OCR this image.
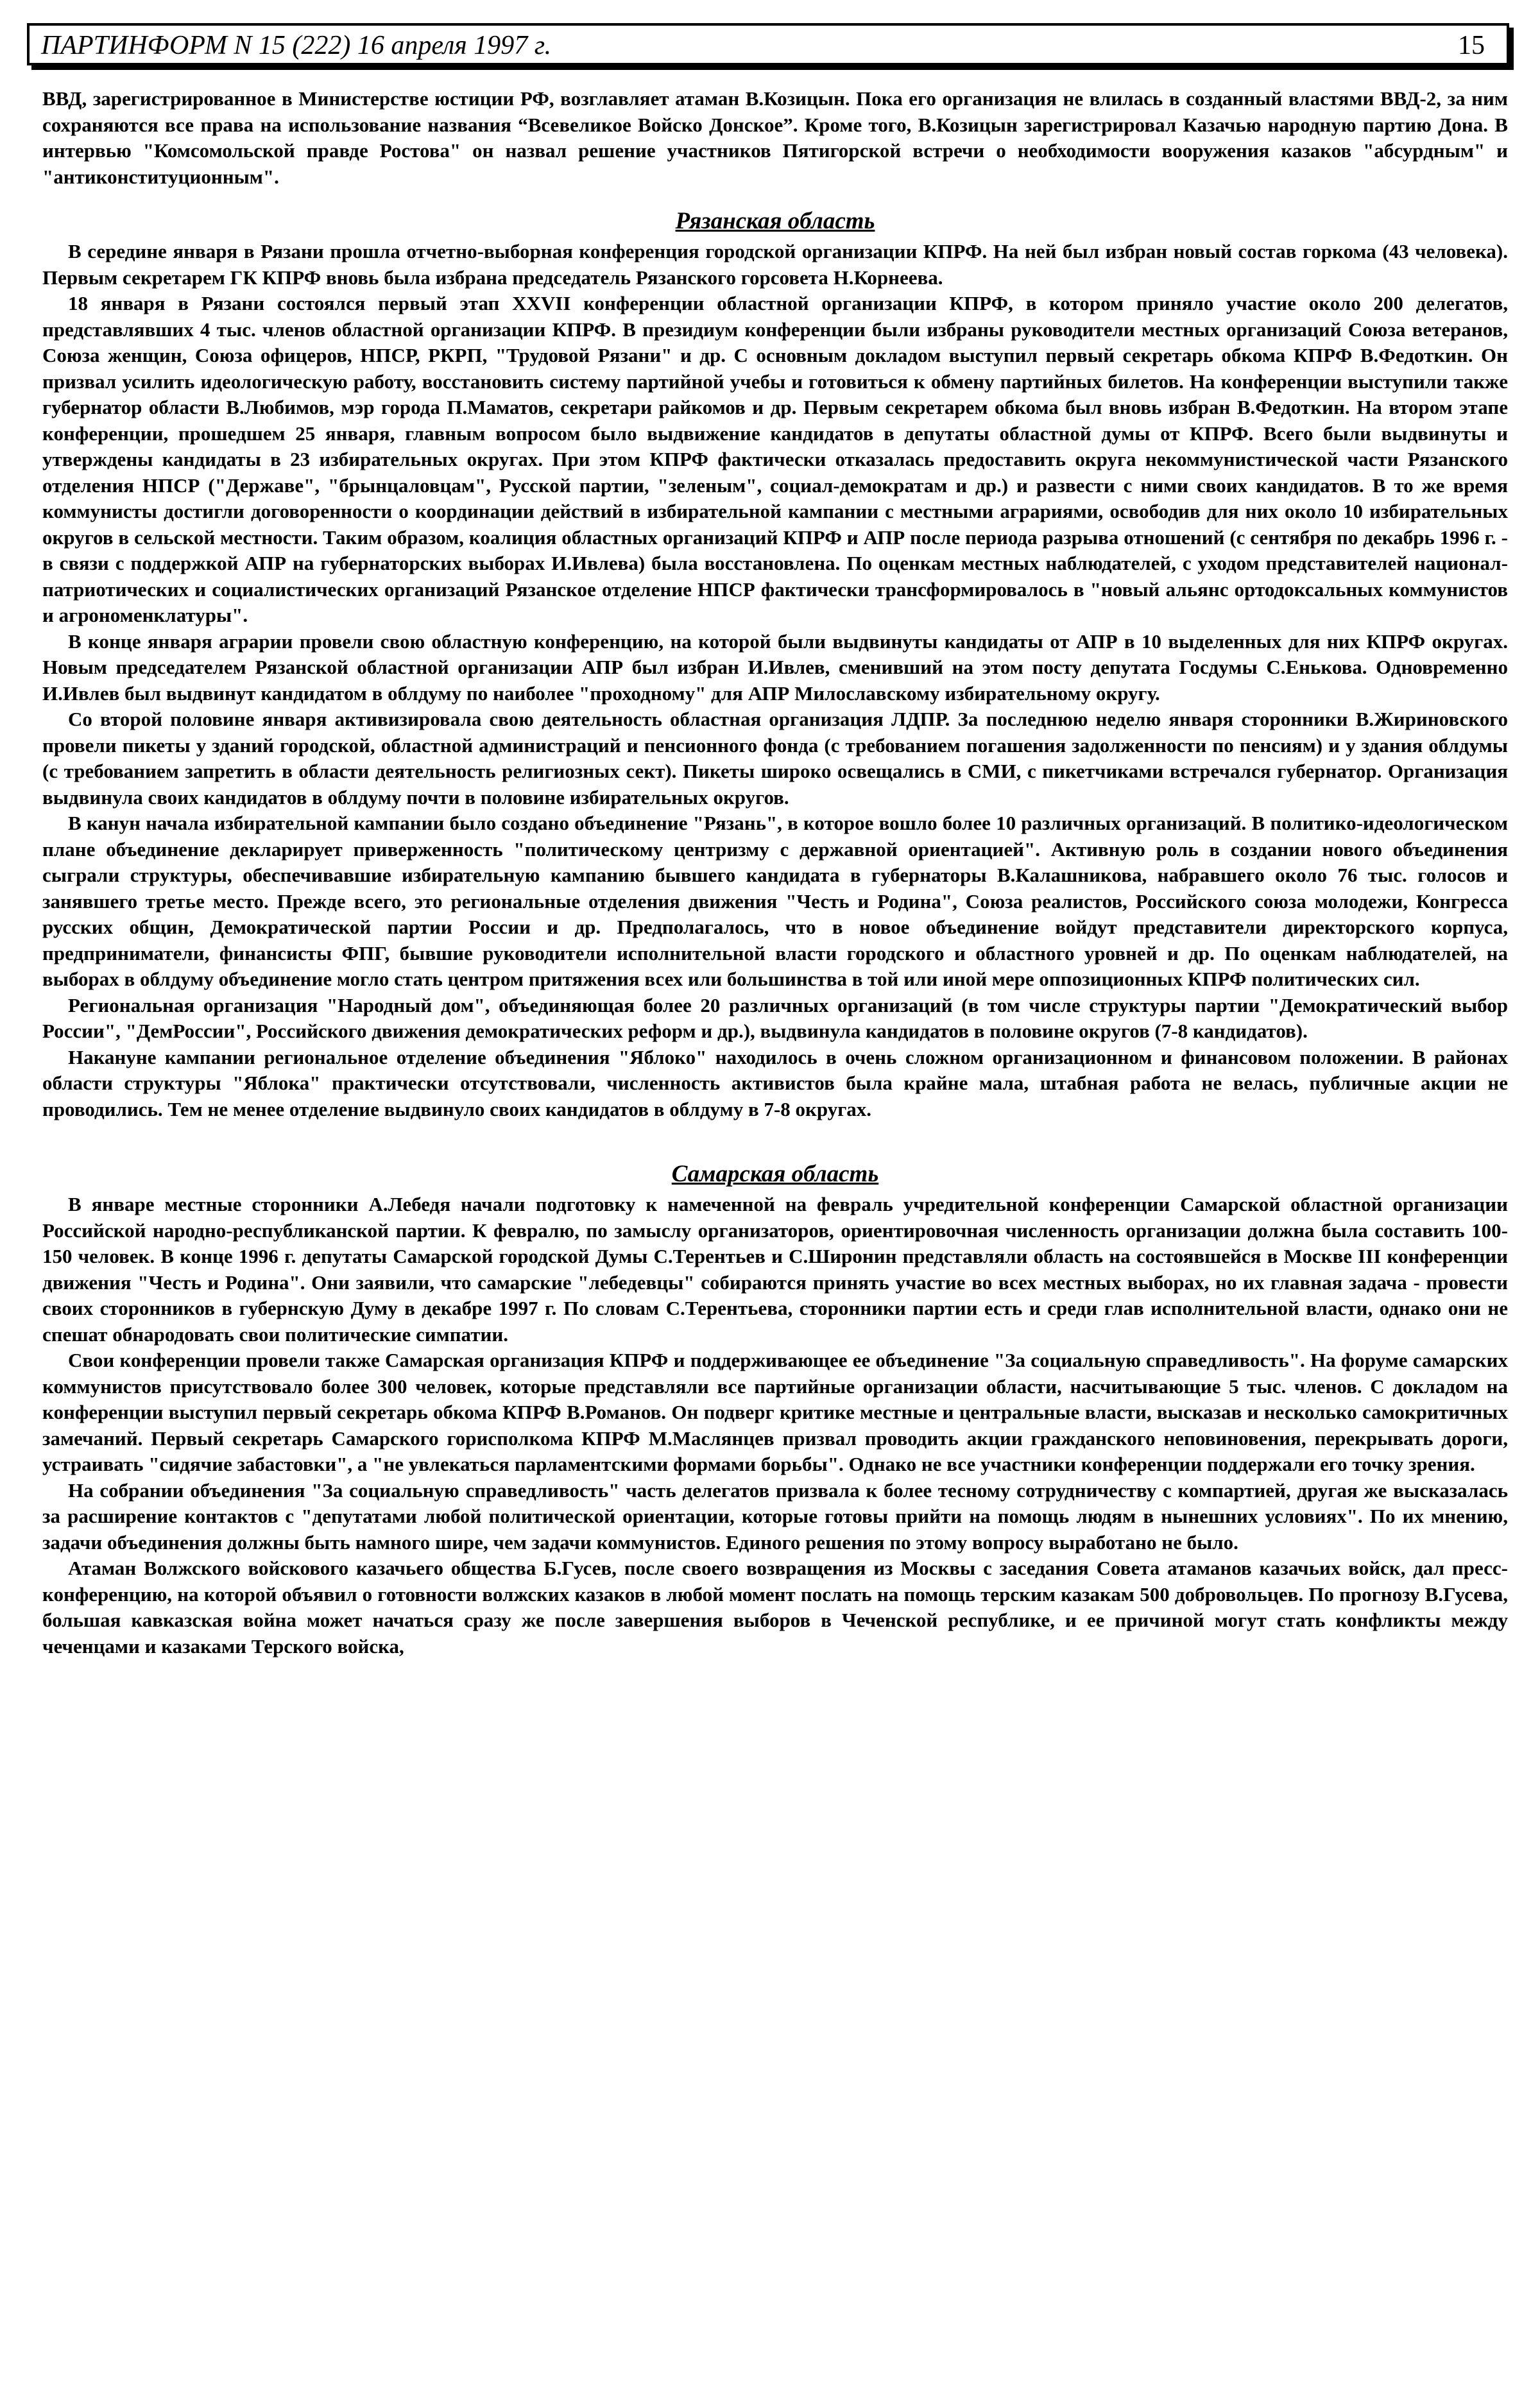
ПАРТИНФОРМ N 15 (222) 16 апреля 1997 г.	15

ВВД, зарегистрированное в Министерстве юстиции РФ, возглавляет атаман В.Козицын. Пока его организация не влилась в созданный властями ВВД-2, за ним сохраняются все права на использование названия “Всевеликое Войско Донское”. Кроме того, В.Козицын зарегистрировал Казачью народную партию Дона. В интервью "Комсомольской правде Ростова" он назвал решение участников Пятигорской встречи о необходимости вооружения казаков "абсурдным" и "антиконституционным".

Рязанская область

В середине января в Рязани прошла отчетно-выборная конференция городской организации КПРФ. На ней был избран новый состав горкома (43 человека). Первым секретарем ГК КПРФ вновь была избрана председатель Рязанского горсовета Н.Корнеева.

18 января в Рязани состоялся первый этап XXVII конференции областной организации КПРФ, в котором приняло участие около 200 делегатов, представлявших 4 тыс. членов областной организации КПРФ. В президиум конференции были избраны руководители местных организаций Союза ветеранов, Союза женщин, Союза офицеров, НПСР, РКРП, "Трудовой Рязани" и др. С основным докладом выступил первый секретарь обкома КПРФ В.Федоткин. Он призвал усилить идеологическую работу, восстановить систему партийной учебы и готовиться к обмену партийных билетов. На конференции выступили также губернатор области В.Любимов, мэр города П.Маматов, секретари райкомов и др. Первым секретарем обкома был вновь избран В.Федоткин. На втором этапе конференции, прошедшем 25 января, главным вопросом было выдвижение кандидатов в депутаты областной думы от КПРФ. Всего были выдвинуты и утверждены кандидаты в 23 избирательных округах. При этом КПРФ фактически отказалась предоставить округа некоммунистической части Рязанского отделения НПСР ("Державе", "брынцаловцам", Русской партии, "зеленым", социал-демократам и др.) и развести с ними своих кандидатов. В то же время коммунисты достигли договоренности о координации действий в избирательной кампании с местными аграриями, освободив для них около 10 избирательных округов в сельской местности. Таким образом, коалиция областных организаций КПРФ и АПР после периода разрыва отношений (с сентября по декабрь 1996 г. - в связи с поддержкой АПР на губернаторских выборах И.Ивлева) была восстановлена. По оценкам местных наблюдателей, с уходом представителей национал-патриотических и социалистических организаций Рязанское отделение НПСР фактически трансформировалось в "новый альянс ортодоксальных коммунистов и агрономенклатуры".

В конце января аграрии провели свою областную конференцию, на которой были выдвинуты кандидаты от АПР в 10 выделенных для них КПРФ округах. Новым председателем Рязанской областной организации АПР был избран И.Ивлев, сменивший на этом посту депутата Госдумы С.Енькова. Одновременно И.Ивлев был выдвинут кандидатом в облдуму по наиболее "проходному" для АПР Милославскому избирательному округу.

Со второй половине января активизировала свою деятельность областная организация ЛДПР. За последнюю неделю января сторонники В.Жириновского провели пикеты у зданий городской, областной администраций и пенсионного фонда (с требованием погашения задолженности по пенсиям) и у здания облдумы (с требованием запретить в области деятельность религиозных сект). Пикеты широко освещались в СМИ, с пикетчиками встречался губернатор. Организация выдвинула своих кандидатов в облдуму почти в половине избирательных округов.

В канун начала избирательной кампании было создано объединение "Рязань", в которое вошло более 10 различных организаций. В политико-идеологическом плане объединение декларирует приверженность "политическому центризму с державной ориентацией". Активную роль в создании нового объединения сыграли структуры, обеспечивавшие избирательную кампанию бывшего кандидата в губернаторы В.Калашникова, набравшего около 76 тыс. голосов и занявшего третье место. Прежде всего, это региональные отделения движения "Честь и Родина", Союза реалистов, Российского союза молодежи, Конгресса русских общин, Демократической партии России и др. Предполагалось, что в новое объединение войдут представители директорского корпуса, предприниматели, финансисты ФПГ, бывшие руководители исполнительной власти городского и областного уровней и др. По оценкам наблюдателей, на выборах в облдуму объединение могло стать центром притяжения всех или большинства в той или иной мере оппозиционных КПРФ политических сил.

Региональная организация "Народный дом", объединяющая более 20 различных организаций (в том числе структуры партии "Демократический выбор России", "ДемРоссии", Российского движения демократических реформ и др.), выдвинула кандидатов в половине округов (7-8 кандидатов).

Накануне кампании региональное отделение объединения "Яблоко" находилось в очень сложном организационном и финансовом положении. В районах области структуры "Яблока" практически отсутствовали, численность активистов была крайне мала, штабная работа не велась, публичные акции не проводились. Тем не менее отделение выдвинуло своих кандидатов в облдуму в 7-8 округах.

Самарская область

В январе местные сторонники А.Лебедя начали подготовку к намеченной на февраль учредительной конференции Самарской областной организации Российской народно-республиканской партии. К февралю, по замыслу организаторов, ориентировочная численность организации должна была составить 100-150 человек. В конце 1996 г. депутаты Самарской городской Думы С.Терентьев и С.Широнин представляли область на состоявшейся в Москве III конференции движения "Честь и Родина". Они заявили, что самарские "лебедевцы" собираются принять участие во всех местных выборах, но их главная задача - провести своих сторонников в губернскую Думу в декабре 1997 г. По словам С.Терентьева, сторонники партии есть и среди глав исполнительной власти, однако они не спешат обнародовать свои политические симпатии.

Свои конференции провели также Самарская организация КПРФ и поддерживающее ее объединение "За социальную справедливость". На форуме самарских коммунистов присутствовало более 300 человек, которые представляли все партийные организации области, насчитывающие 5 тыс. членов. С докладом на конференции выступил первый секретарь обкома КПРФ В.Романов. Он подверг критике местные и центральные власти, высказав и несколько самокритичных замечаний. Первый секретарь Самарского горисполкома КПРФ М.Маслянцев призвал проводить акции гражданского неповиновения, перекрывать дороги, устраивать "сидячие забастовки", а "не увлекаться парламентскими формами борьбы". Однако не все участники конференции поддержали его точку зрения.

На собрании объединения "За социальную справедливость" часть делегатов призвала к более тесному сотрудничеству с компартией, другая же высказалась за расширение контактов с "депутатами любой политической ориентации, которые готовы прийти на помощь людям в нынешних условиях". По их мнению, задачи объединения должны быть намного шире, чем задачи коммунистов. Единого решения по этому вопросу выработано не было.

Атаман Волжского войскового казачьего общества Б.Гусев, после своего возвращения из Москвы с заседания Совета атаманов казачьих войск, дал пресс-конференцию, на которой объявил о готовности волжских казаков в любой момент послать на помощь терским казакам 500 добровольцев. По прогнозу В.Гусева, большая кавказская война может начаться сразу же после завершения выборов в Чеченской республике, и ее причиной могут стать конфликты между чеченцами и казаками Терского войска,
